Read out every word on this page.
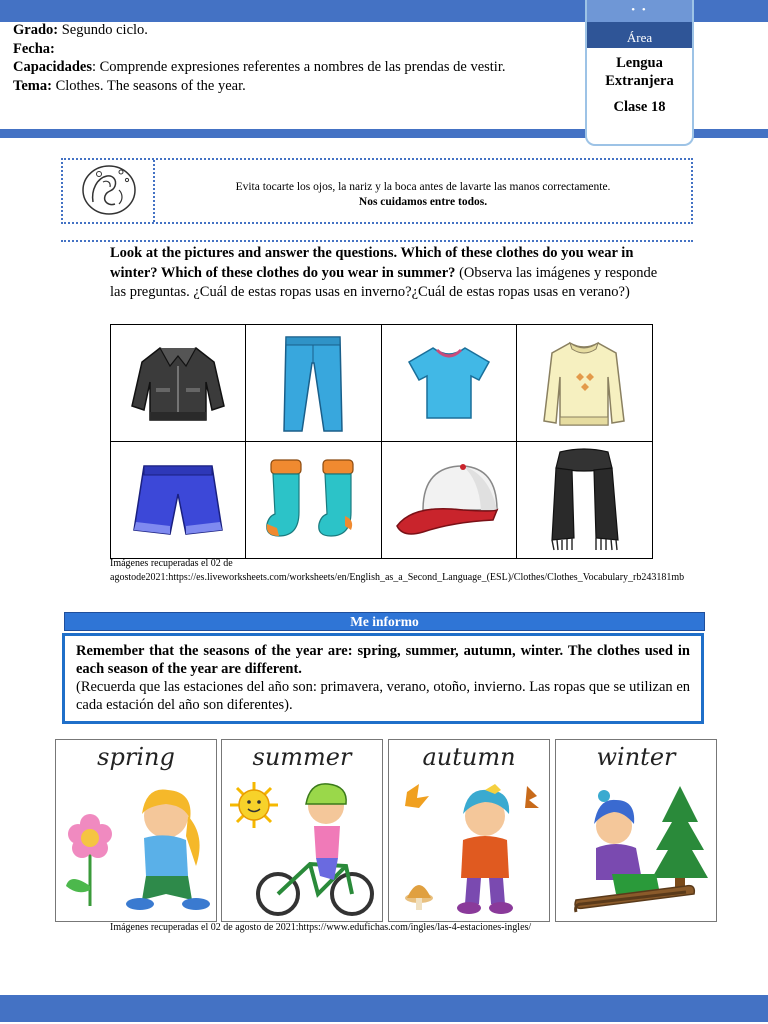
Grado: Segundo ciclo.
Fecha:
Capacidades: Comprende expresiones referentes a nombres de las prendas de vestir.
Tema: Clothes. The seasons of the year.
• •
Área
Lengua
Extranjera
Clase 18
Evita tocarte los ojos, la nariz y la boca antes de lavarte las manos correctamente.
Nos cuidamos entre todos.
Look at the pictures and answer the questions. Which of these clothes do you wear in winter? Which of these clothes do you wear in summer? (Observa las imágenes y responde las preguntas. ¿Cuál de estas ropas usas en inverno?¿Cuál de estas ropas usas en verano?)
Imágenes recuperadas el 02 de agostode2021:https://es.liveworksheets.com/worksheets/en/English_as_a_Second_Language_(ESL)/Clothes/Clothes_Vocabulary_rb243181mb
Me informo
Remember that the seasons of the year are: spring, summer, autumn, winter. The clothes used in each season of the year are different.
(Recuerda que las estaciones del año son: primavera, verano, otoño, invierno. Las ropas que se utilizan en cada estación del año son diferentes).
spring	summer	autumn	winter
Imágenes recuperadas el 02 de agosto de 2021:https://www.edufichas.com/ingles/las-4-estaciones-ingles/
